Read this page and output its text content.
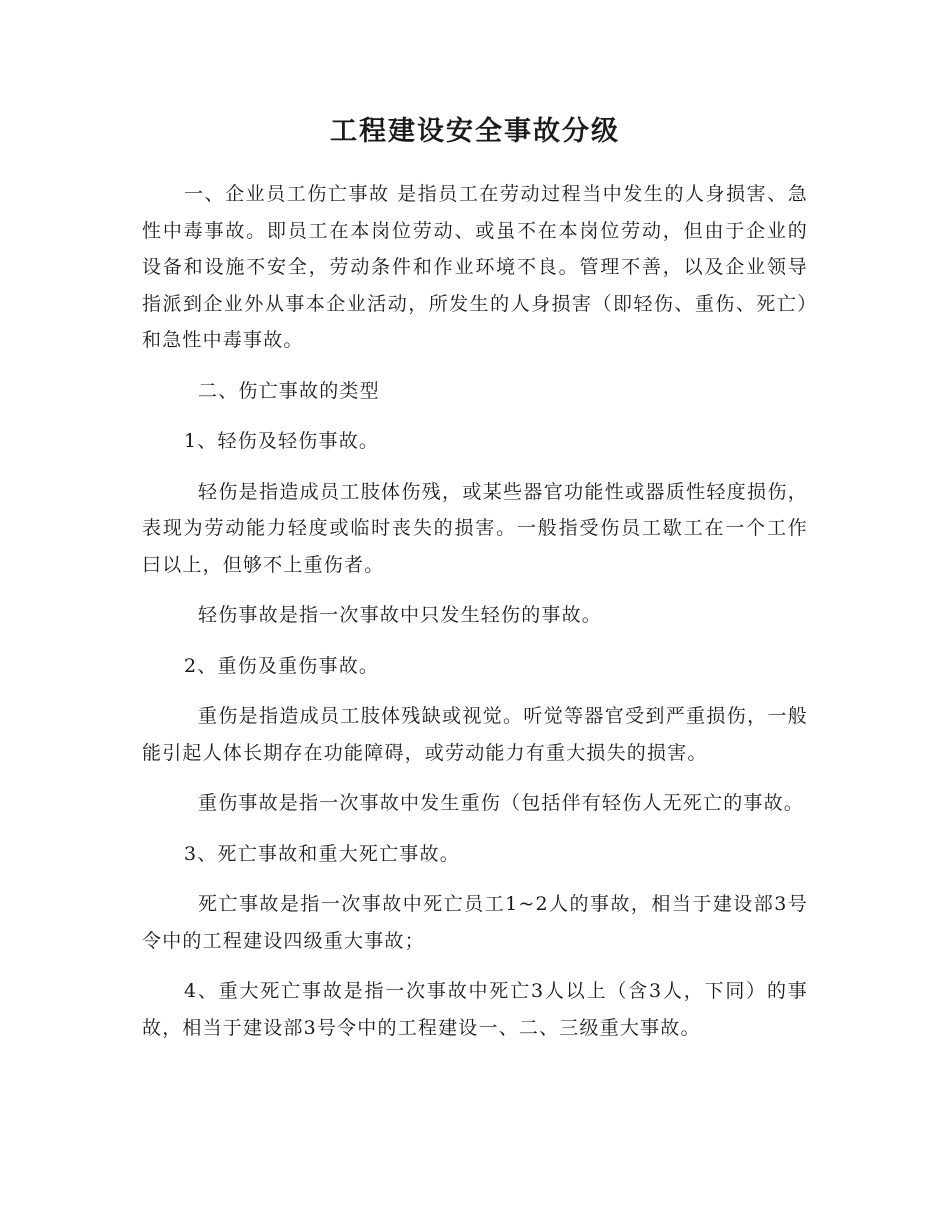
工程建设安全事故分级

一、企业员工伤亡事故 是指员工在劳动过程当中发生的人身损害、急性中毒事故。即员工在本岗位劳动、或虽不在本岗位劳动，但由于企业的设备和设施不安全，劳动条件和作业环境不良。管理不善，以及企业领导指派到企业外从事本企业活动，所发生的人身损害（即轻伤、重伤、死亡）和急性中毒事故。

二、伤亡事故的类型

1、轻伤及轻伤事故。

轻伤是指造成员工肢体伤残，或某些器官功能性或器质性轻度损伤，表现为劳动能力轻度或临时丧失的损害。一般指受伤员工歇工在一个工作曰以上，但够不上重伤者。

轻伤事故是指一次事故中只发生轻伤的事故。

2、重伤及重伤事故。

重伤是指造成员工肢体残缺或视觉。听觉等器官受到严重损伤，一般能引起人体长期存在功能障碍，或劳动能力有重大损失的损害。

重伤事故是指一次事故中发生重伤（包括伴有轻伤人无死亡的事故。

3、死亡事故和重大死亡事故。

死亡事故是指一次事故中死亡员工1~2人的事故，相当于建设部3号令中的工程建设四级重大事故；

4、重大死亡事故是指一次事故中死亡3人以上（含3人，下同）的事故，相当于建设部3号令中的工程建设一、二、三级重大事故。
